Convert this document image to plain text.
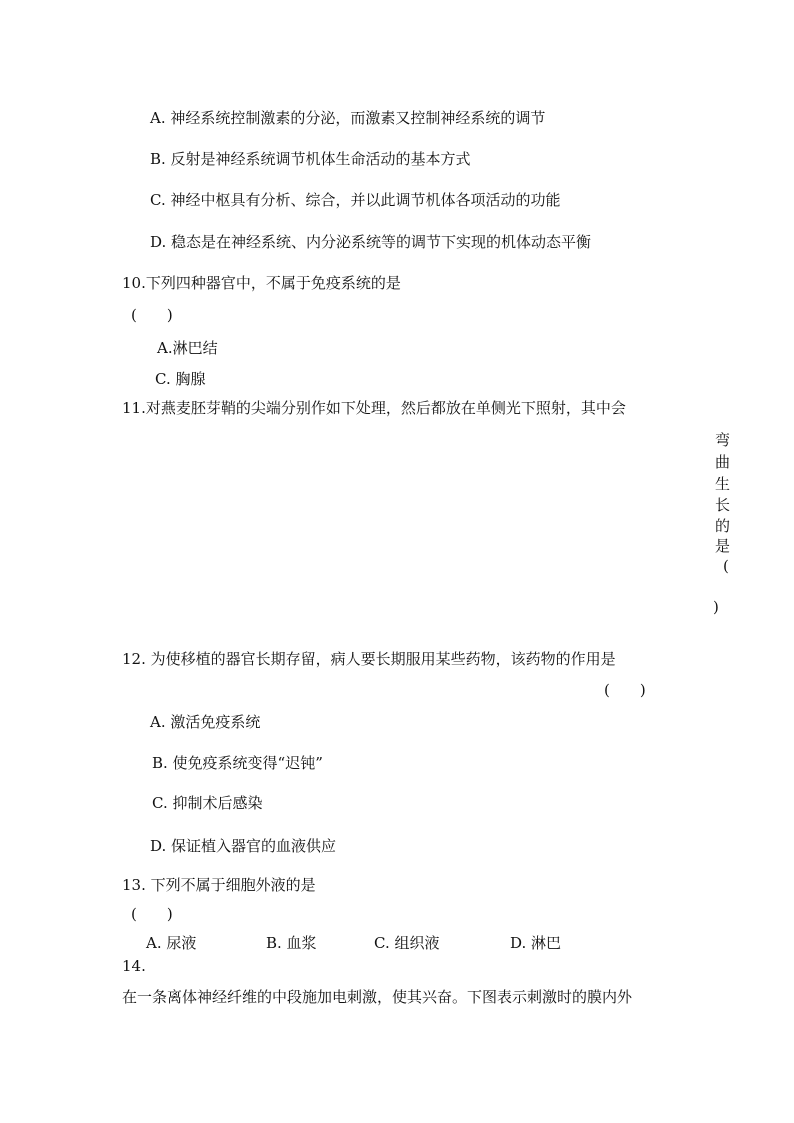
A. 神经系统控制激素的分泌，而激素又控制神经系统的调节
B. 反射是神经系统调节机体生命活动的基本方式
C. 神经中枢具有分析、综合，并以此调节机体各项活动的功能
D. 稳态是在神经系统、内分泌系统等的调节下实现的机体动态平衡
10.下列四种器官中，不属于免疫系统的是
(　　)
A.淋巴结
C. 胸腺
11.对燕麦胚芽鞘的尖端分别作如下处理，然后都放在单侧光下照射，其中会
弯
曲
生
长
的
是
(
)
12. 为使移植的器官长期存留，病人要长期服用某些药物，该药物的作用是
(　　)
A. 激活免疫系统
B. 使免疫系统变得“迟钝”
C. 抑制术后感染
D. 保证植入器官的血液供应
13. 下列不属于细胞外液的是
(　　)
A. 尿液	B. 血浆	C. 组织液	D. 淋巴
14.
在一条离体神经纤维的中段施加电刺激，使其兴奋。下图表示刺激时的膜内外
